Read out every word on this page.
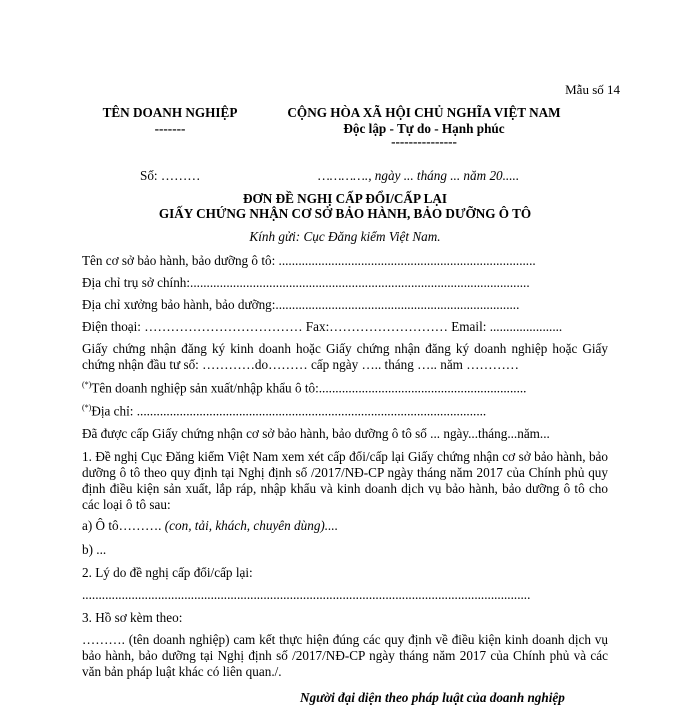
Mẫu số 14
TÊN DOANH NGHIỆP
-------
CỘNG HÒA XÃ HỘI CHỦ NGHĨA VIỆT NAM
Độc lập - Tự do - Hạnh phúc
---------------
Số: ………	…………., ngày ... tháng ... năm 20.....
ĐƠN ĐỀ NGHỊ CẤP ĐỔI/CẤP LẠI
GIẤY CHỨNG NHẬN CƠ SỞ BẢO HÀNH, BẢO DƯỠNG Ô TÔ
Kính gửi: Cục Đăng kiểm Việt Nam.
Tên cơ sở bảo hành, bảo dưỡng ô tô: ..............................................................................
Địa chỉ trụ sở chính:.......................................................................................................
Địa chỉ xưởng bảo hành, bảo dưỡng:..........................................................................
Điện thoại: ……………………………… Fax:……………………… Email: ......................
Giấy chứng nhận đăng ký kinh doanh hoặc Giấy chứng nhận đăng ký doanh nghiệp hoặc Giấy chứng nhận đầu tư số: …………do……… cấp ngày ….. tháng ….. năm …………
(*)Tên doanh nghiệp sản xuất/nhập khẩu ô tô:...............................................................
(*)Địa chỉ: ..........................................................................................................
Đã được cấp Giấy chứng nhận cơ sở bảo hành, bảo dưỡng ô tô số ... ngày...tháng...năm...
1. Đề nghị Cục Đăng kiểm Việt Nam xem xét cấp đổi/cấp lại Giấy chứng nhận cơ sở bảo hành, bảo dưỡng ô tô theo quy định tại Nghị định số /2017/NĐ-CP ngày tháng năm 2017 của Chính phủ quy định điều kiện sản xuất, lắp ráp, nhập khẩu và kinh doanh dịch vụ bảo hành, bảo dưỡng ô tô cho các loại ô tô sau:
a) Ô tô………. (con, tải, khách, chuyên dùng)....
b) ...
2. Lý do đề nghị cấp đổi/cấp lại:
........................................................................................................................................
3. Hồ sơ kèm theo:
………. (tên doanh nghiệp) cam kết thực hiện đúng các quy định về điều kiện kinh doanh dịch vụ bảo hành, bảo dưỡng tại Nghị định số /2017/NĐ-CP ngày tháng năm 2017 của Chính phủ và các văn bản pháp luật khác có liên quan./.
Người đại diện theo pháp luật của doanh nghiệp
